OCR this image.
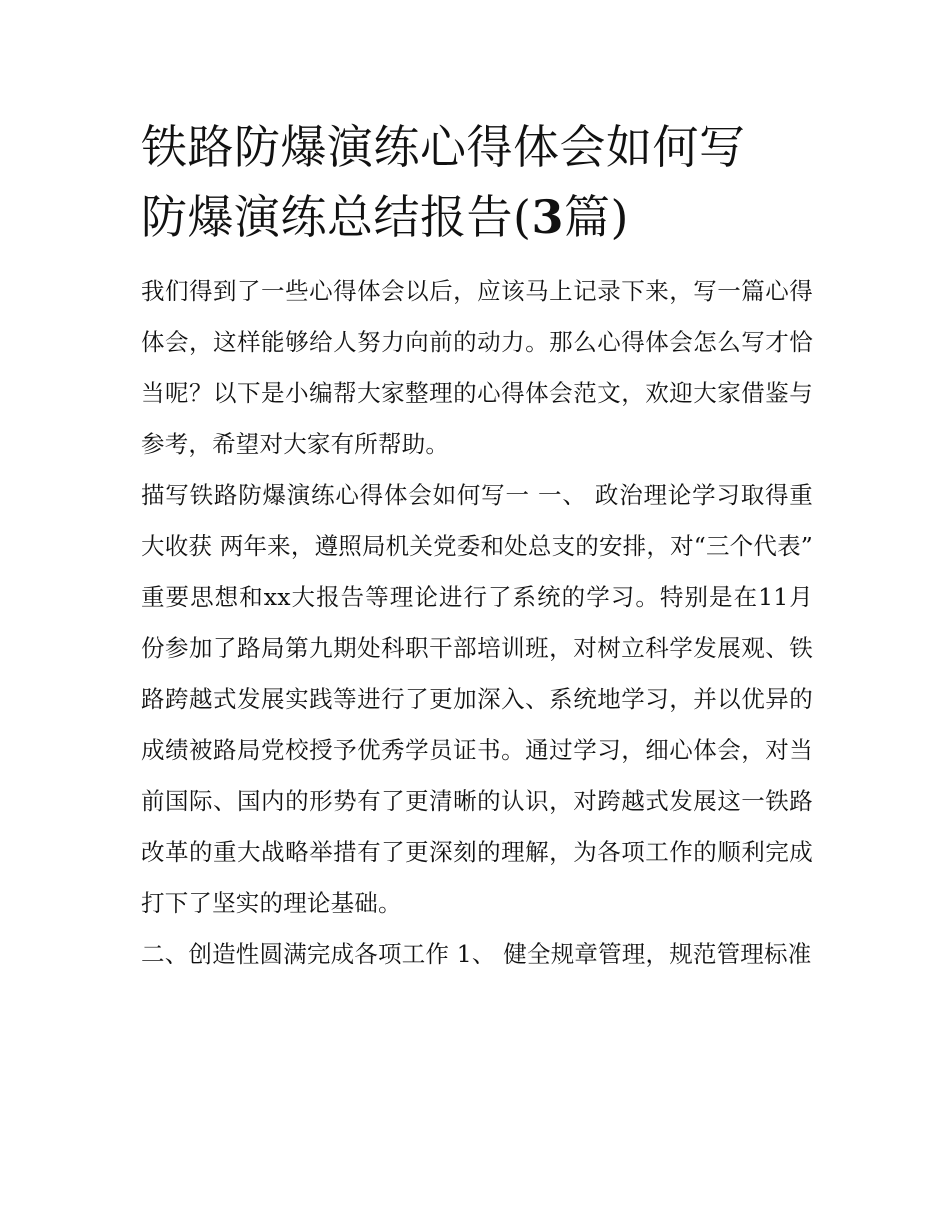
铁路防爆演练心得体会如何写
防爆演练总结报告(3篇)

我们得到了一些心得体会以后，应该马上记录下来，写一篇心得体会，这样能够给人努力向前的动力。那么心得体会怎么写才恰当呢？以下是小编帮大家整理的心得体会范文，欢迎大家借鉴与参考，希望对大家有所帮助。

描写铁路防爆演练心得体会如何写一 一、 政治理论学习取得重大收获 两年来，遵照局机关党委和处总支的安排，对“三个代表”

重要思想和xx大报告等理论进行了系统的学习。特别是在11月份参加了路局第九期处科职干部培训班，对树立科学发展观、铁路跨越式发展实践等进行了更加深入、系统地学习，并以优异的成绩被路局党校授予优秀学员证书。通过学习，细心体会，对当前国际、国内的形势有了更清晰的认识，对跨越式发展这一铁路改革的重大战略举措有了更深刻的理解，为各项工作的顺利完成打下了坚实的理论基础。

二、创造性圆满完成各项工作 1、 健全规章管理，规范管理标准
